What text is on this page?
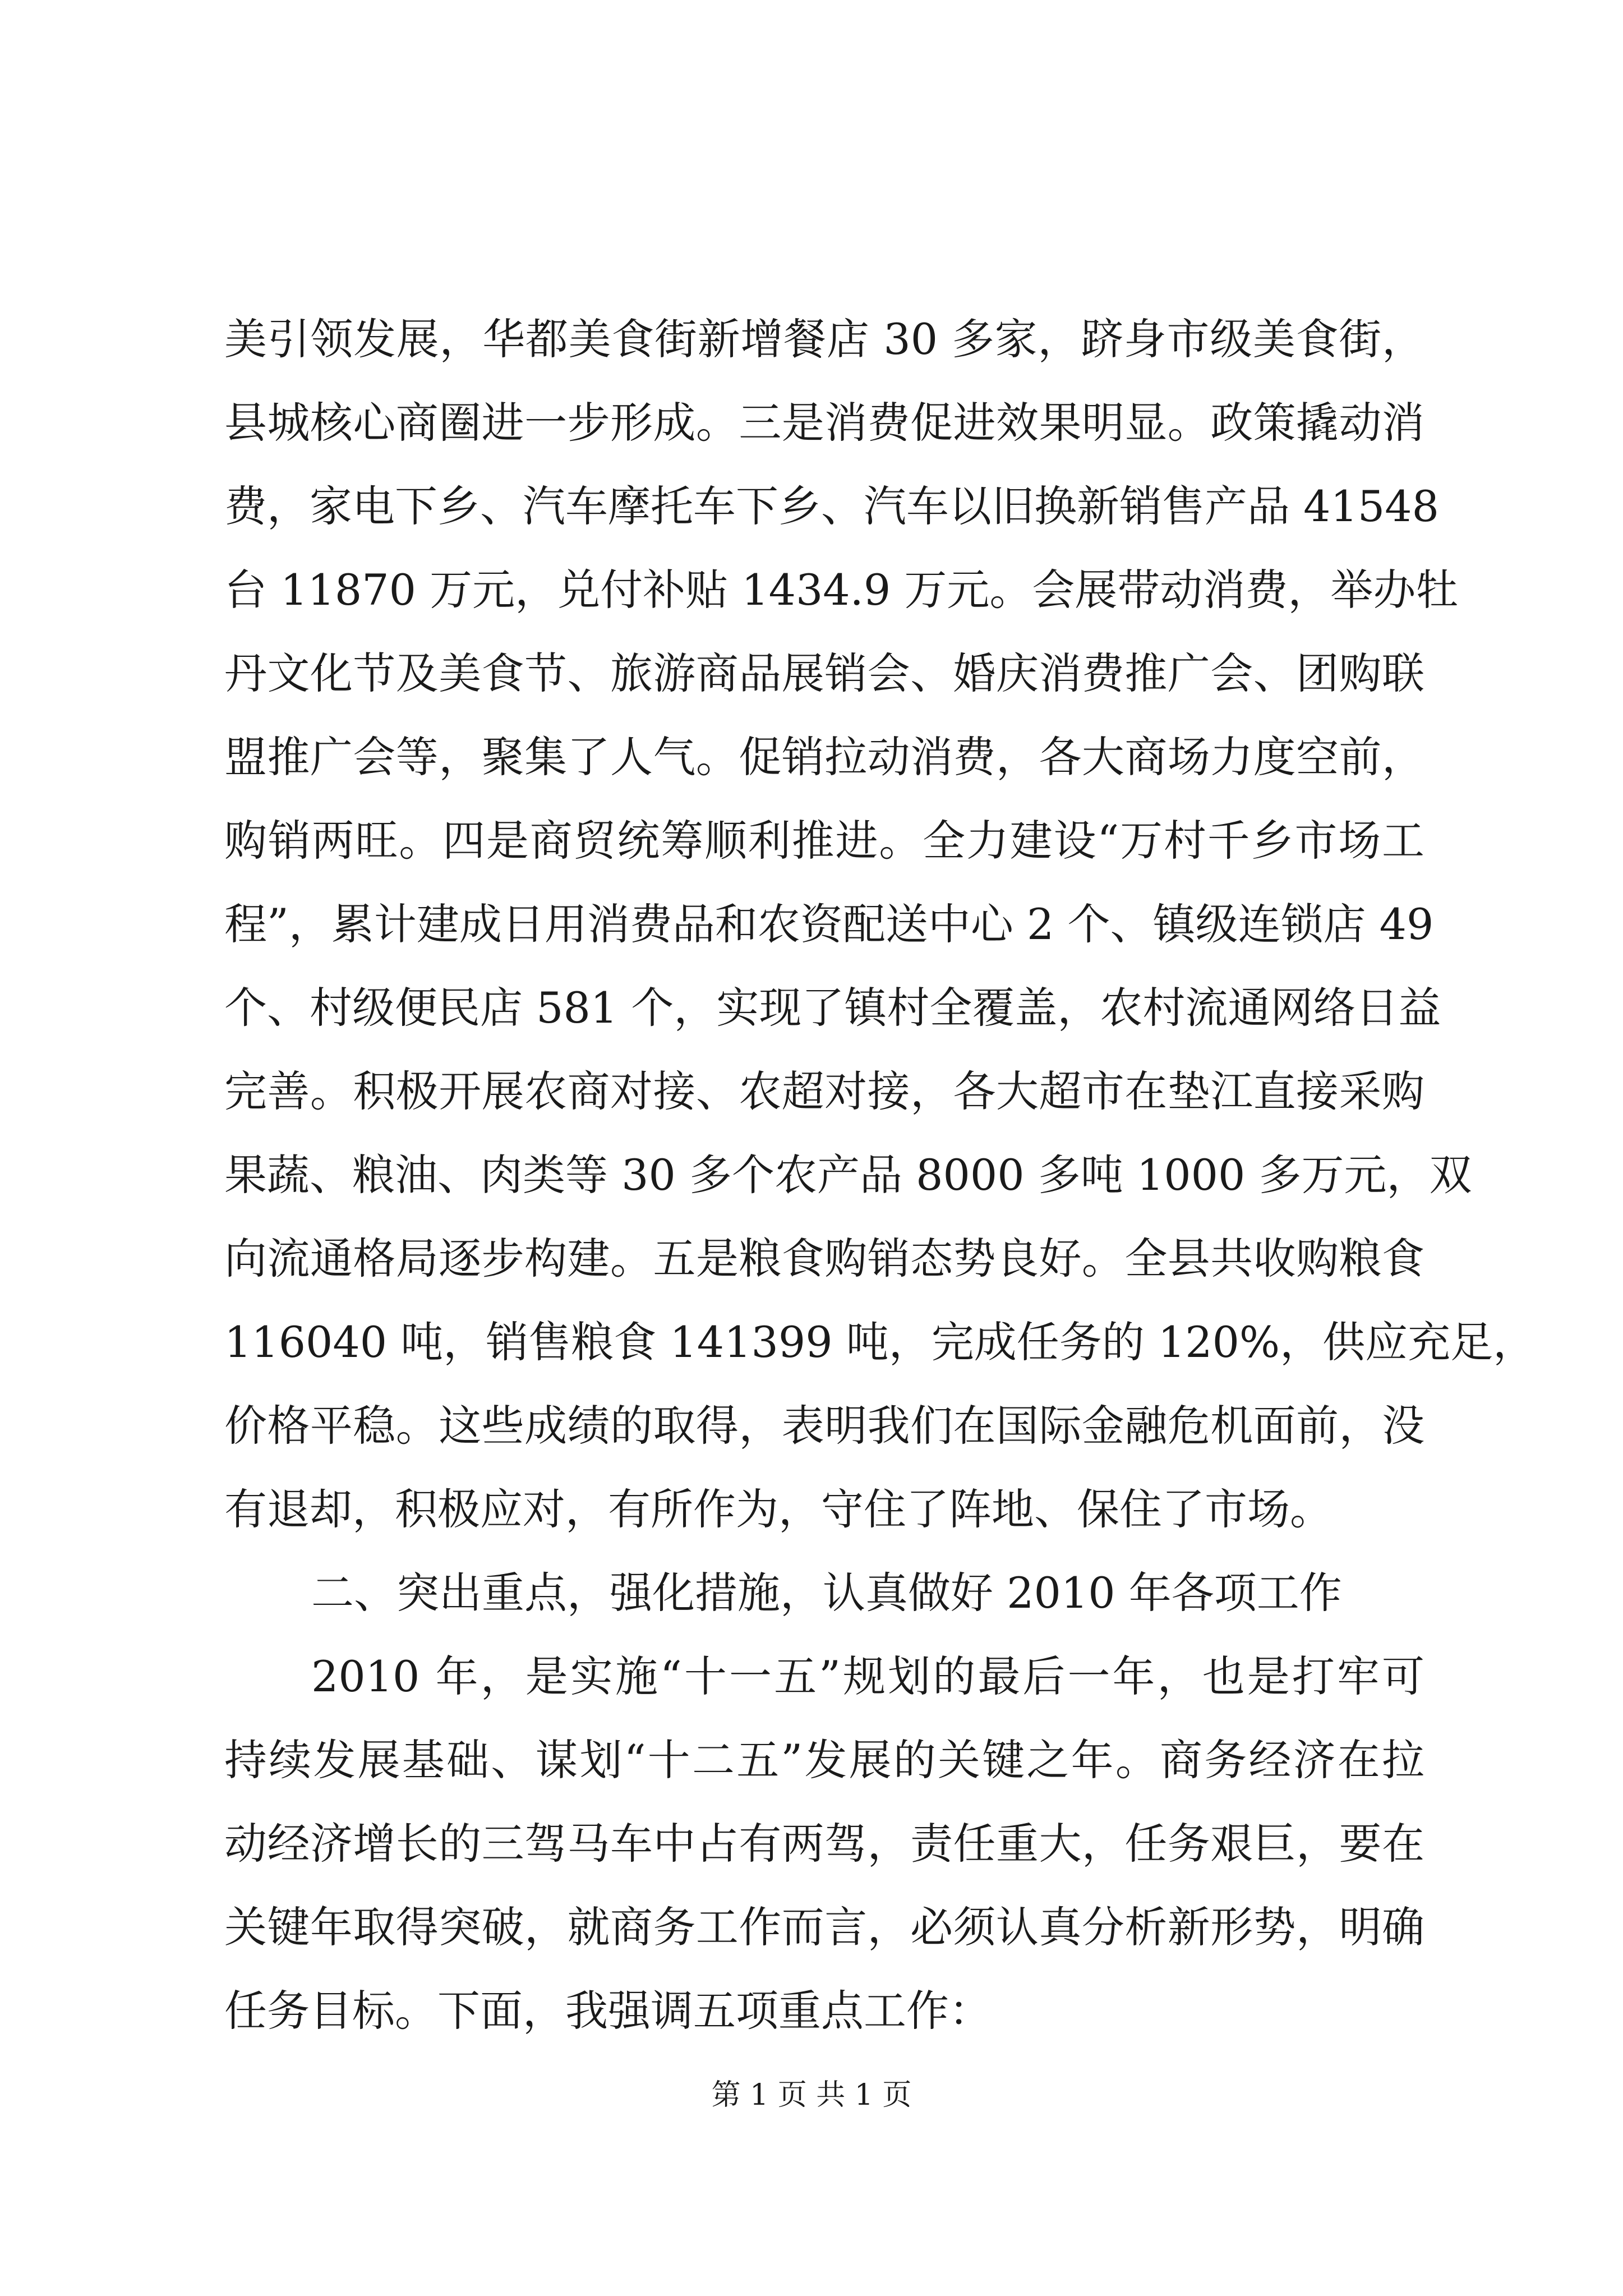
美引领发展，华都美食街新增餐店 30 多家，跻身市级美食街，
县城核心商圈进一步形成。三是消费促进效果明显。政策撬动消
费，家电下乡、汽车摩托车下乡、汽车以旧换新销售产品 41548
台 11870 万元，兑付补贴 1434.9 万元。会展带动消费，举办牡
丹文化节及美食节、旅游商品展销会、婚庆消费推广会、团购联
盟推广会等，聚集了人气。促销拉动消费，各大商场力度空前，
购销两旺。四是商贸统筹顺利推进。全力建设“万村千乡市场工
程”，累计建成日用消费品和农资配送中心 2 个、镇级连锁店 49
个、村级便民店 581 个，实现了镇村全覆盖，农村流通网络日益
完善。积极开展农商对接、农超对接，各大超市在垫江直接采购
果蔬、粮油、肉类等 30 多个农产品 8000 多吨 1000 多万元，双
向流通格局逐步构建。五是粮食购销态势良好。全县共收购粮食
116040 吨，销售粮食 141399 吨，完成任务的 120%，供应充足，
价格平稳。这些成绩的取得，表明我们在国际金融危机面前，没
有退却，积极应对，有所作为，守住了阵地、保住了市场。
二、突出重点，强化措施，认真做好 2010 年各项工作
2010 年，是实施“十一五”规划的最后一年，也是打牢可
持续发展基础、谋划“十二五”发展的关键之年。商务经济在拉
动经济增长的三驾马车中占有两驾，责任重大，任务艰巨，要在
关键年取得突破，就商务工作而言，必须认真分析新形势，明确
任务目标。下面，我强调五项重点工作：
第 1 页 共 1 页
